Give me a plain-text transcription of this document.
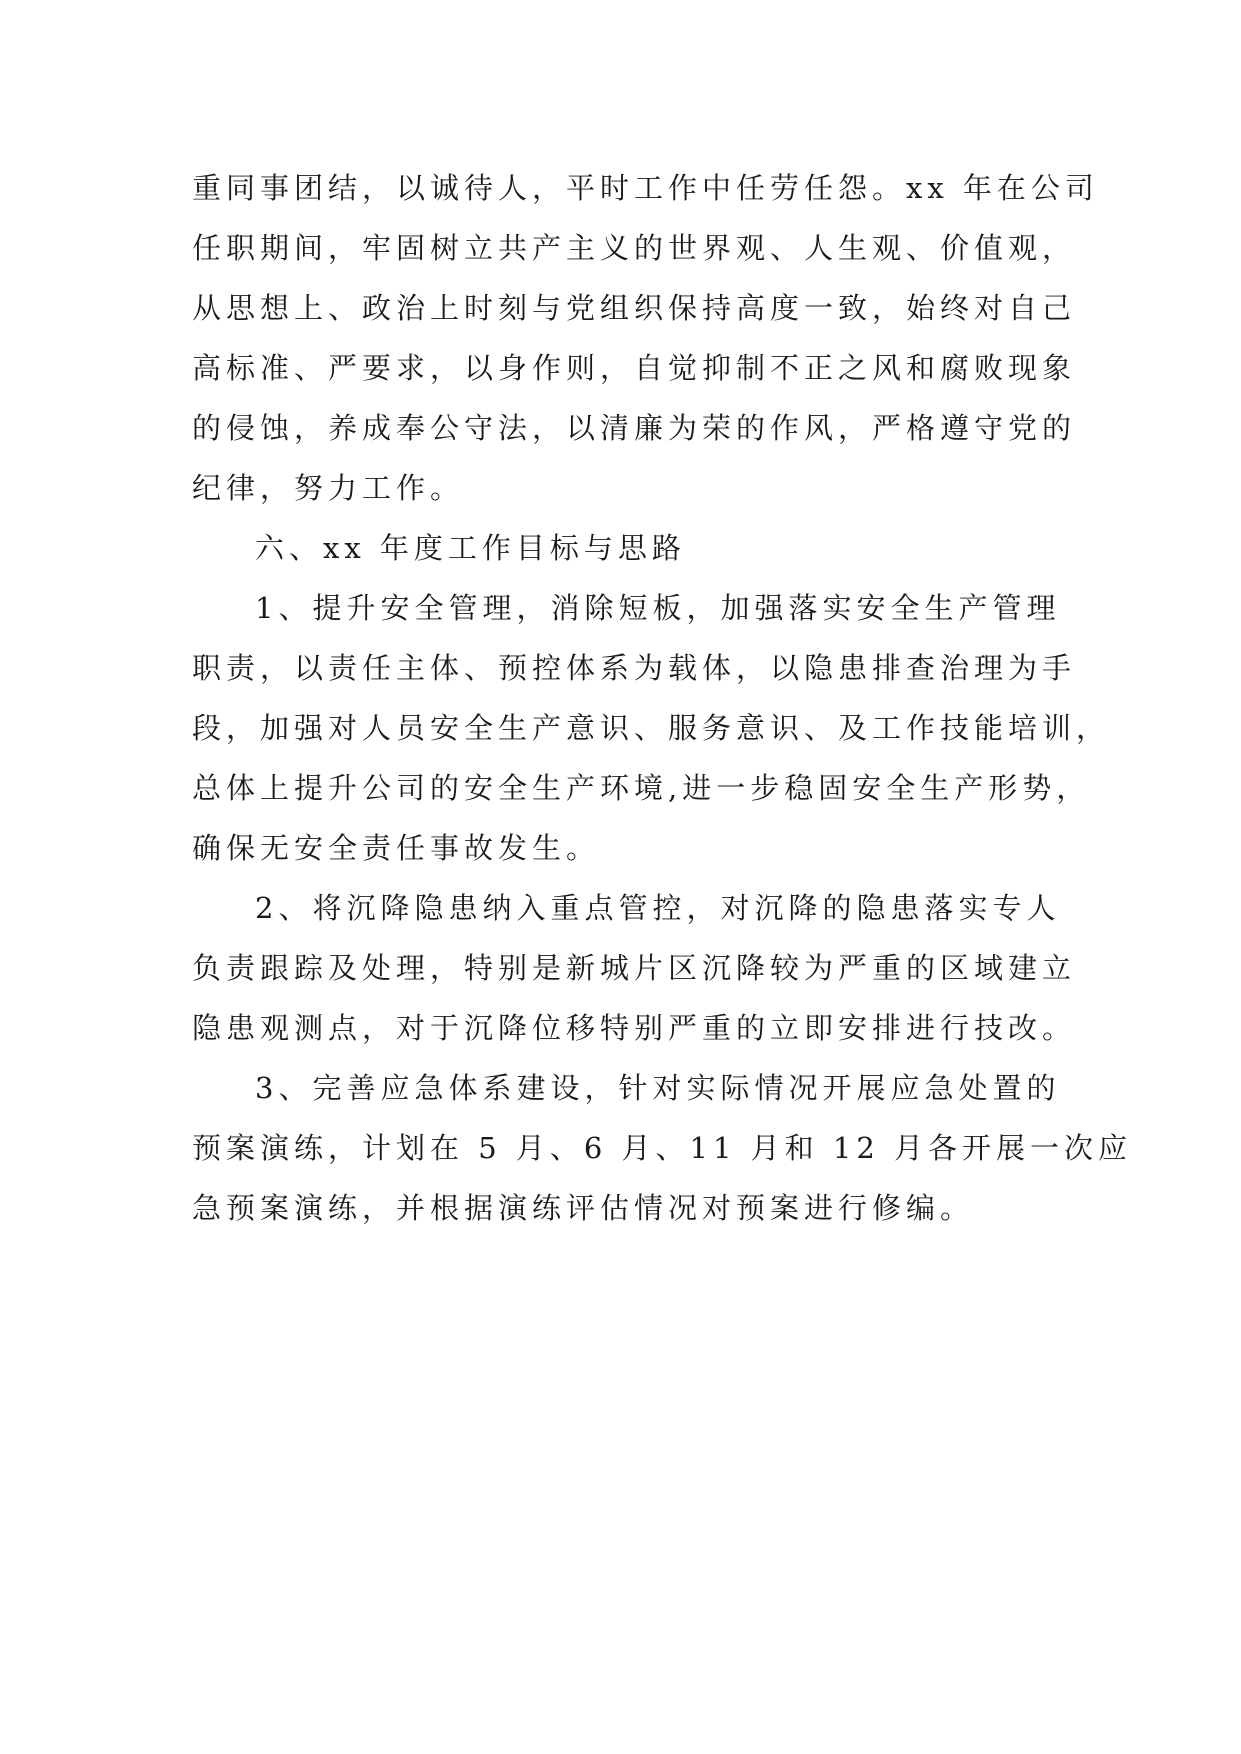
重同事团结，以诚待人，平时工作中任劳任怨。xx 年在公司
任职期间，牢固树立共产主义的世界观、人生观、价值观，
从思想上、政治上时刻与党组织保持高度一致，始终对自己
高标准、严要求，以身作则，自觉抑制不正之风和腐败现象
的侵蚀，养成奉公守法，以清廉为荣的作风，严格遵守党的
纪律，努力工作。
六、xx 年度工作目标与思路
1、提升安全管理，消除短板，加强落实安全生产管理
职责，以责任主体、预控体系为载体，以隐患排查治理为手
段，加强对人员安全生产意识、服务意识、及工作技能培训，
总体上提升公司的安全生产环境,进一步稳固安全生产形势，
确保无安全责任事故发生。
2、将沉降隐患纳入重点管控，对沉降的隐患落实专人
负责跟踪及处理，特别是新城片区沉降较为严重的区域建立
隐患观测点，对于沉降位移特别严重的立即安排进行技改。
3、完善应急体系建设，针对实际情况开展应急处置的
预案演练，计划在 5 月、6 月、11 月和 12 月各开展一次应
急预案演练，并根据演练评估情况对预案进行修编。
